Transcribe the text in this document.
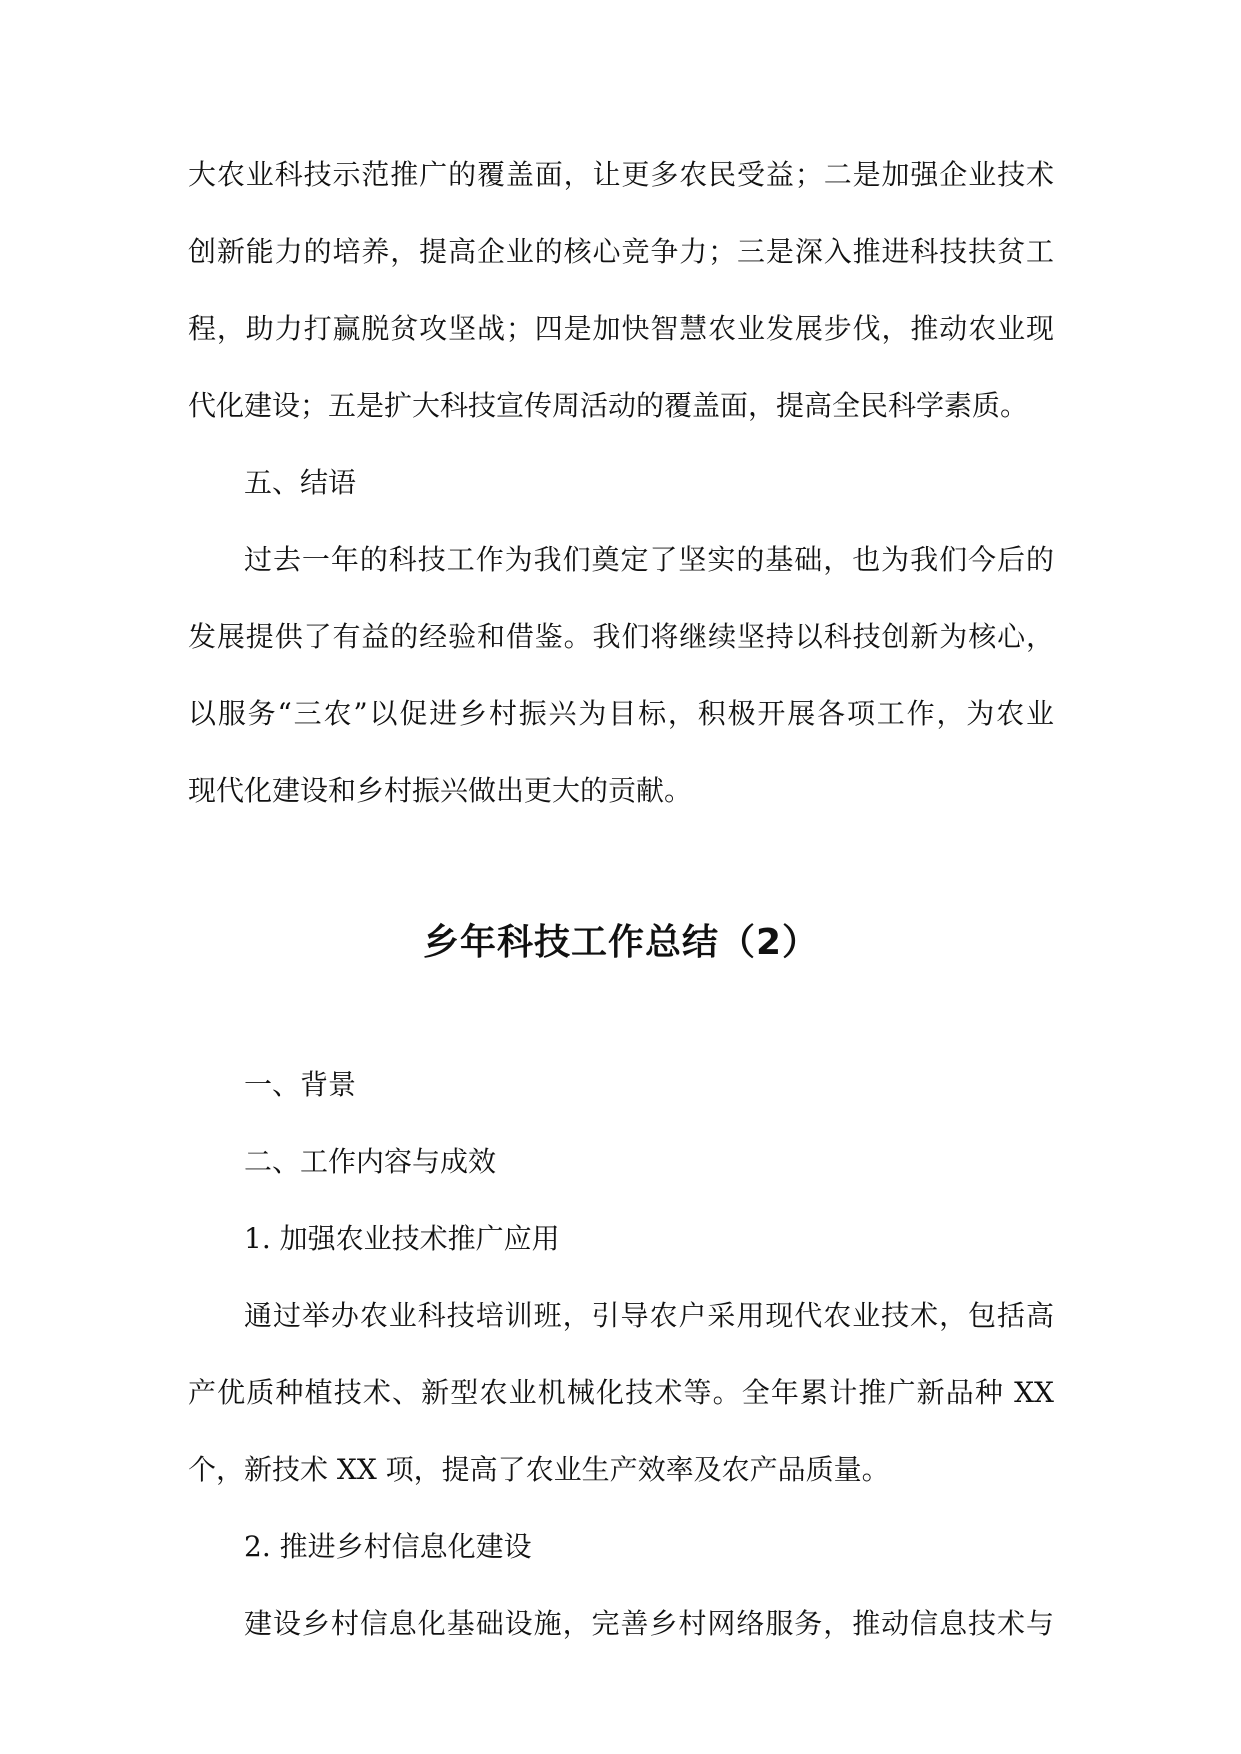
大农业科技示范推广的覆盖面，让更多农民受益；二是加强企业技术

创新能力的培养，提高企业的核心竞争力；三是深入推进科技扶贫工

程，助力打赢脱贫攻坚战；四是加快智慧农业发展步伐，推动农业现

代化建设；五是扩大科技宣传周活动的覆盖面，提高全民科学素质。

五、结语

过去一年的科技工作为我们奠定了坚实的基础，也为我们今后的

发展提供了有益的经验和借鉴。我们将继续坚持以科技创新为核心，

以服务“三农”以促进乡村振兴为目标，积极开展各项工作，为农业

现代化建设和乡村振兴做出更大的贡献。

乡年科技工作总结（2）

一、背景

二、工作内容与成效

1. 加强农业技术推广应用

通过举办农业科技培训班，引导农户采用现代农业技术，包括高

产优质种植技术、新型农业机械化技术等。全年累计推广新品种 XX

个，新技术 XX 项，提高了农业生产效率及农产品质量。

2. 推进乡村信息化建设

建设乡村信息化基础设施，完善乡村网络服务，推动信息技术与
